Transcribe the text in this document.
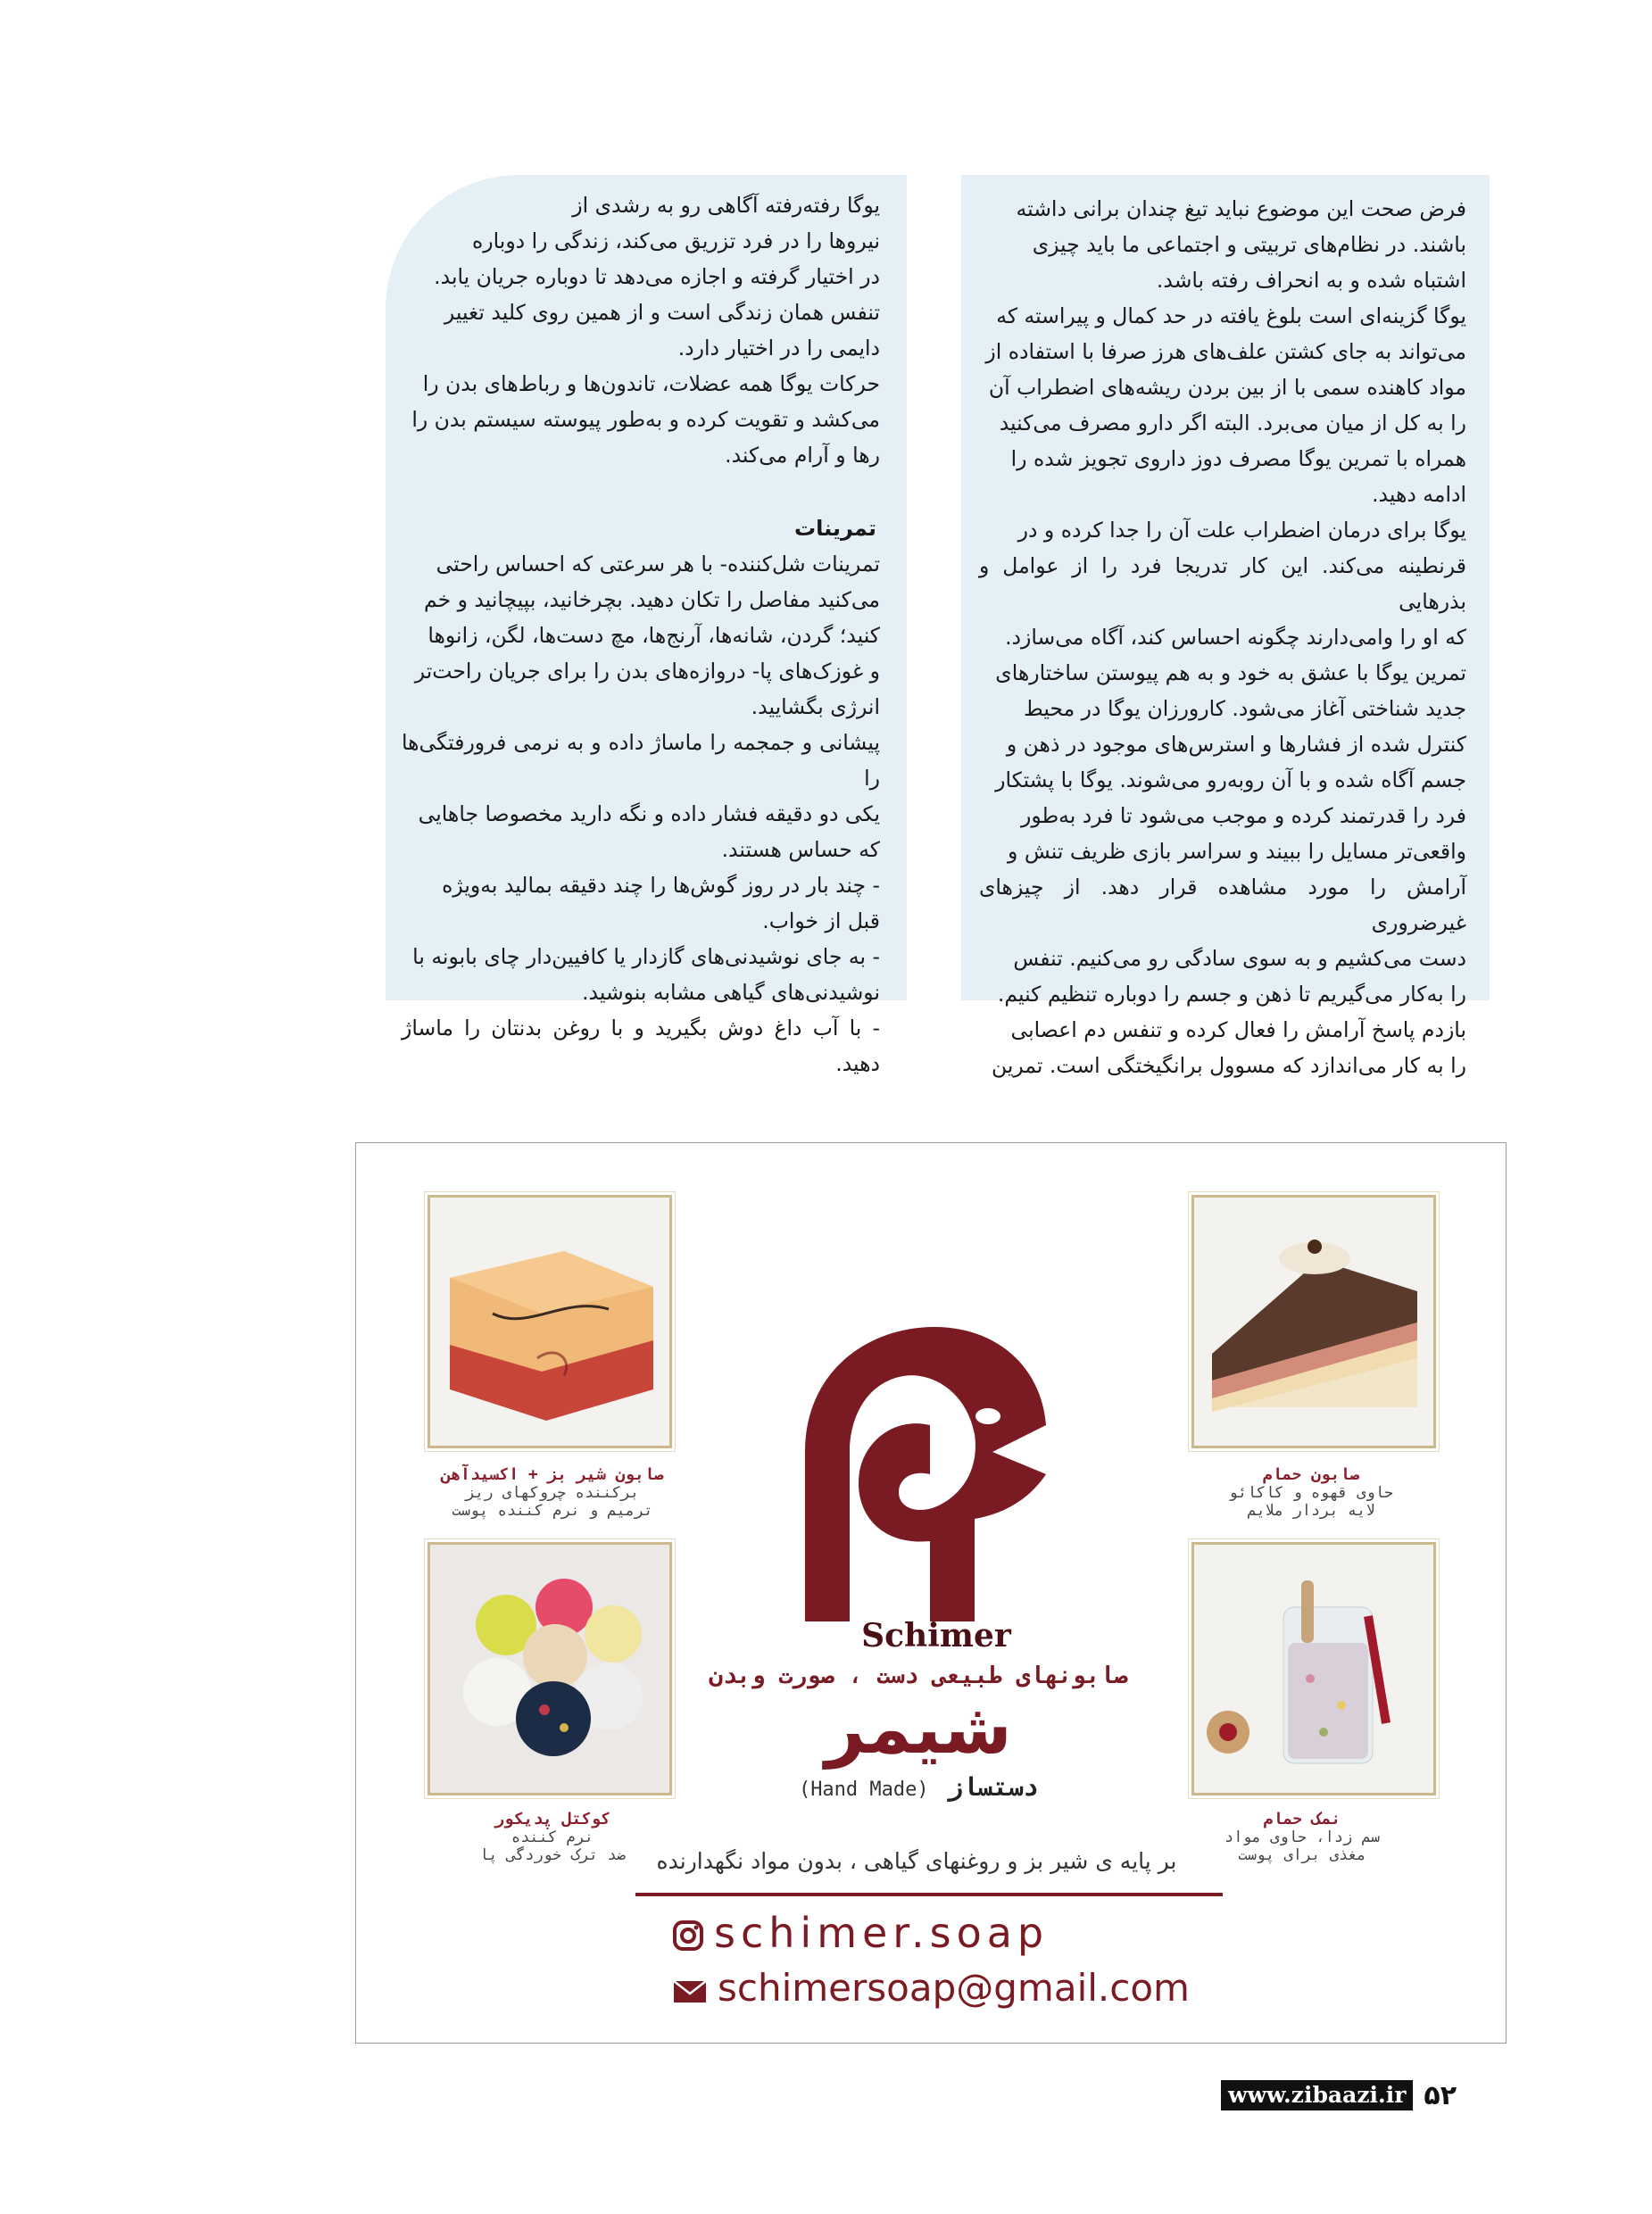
فرض صحت این موضوع نباید تیغ چندان برانی داشته
باشند. در نظام‌های تربیتی و اجتماعی ما باید چیزی
اشتباه شده و به انحراف رفته باشد.

یوگا گزینه‌ای است بلوغ یافته در حد کمال و پیراسته که
می‌تواند به جای کشتن علف‌های هرز صرفا با استفاده از
مواد کاهنده سمی با از بین بردن ریشه‌های اضطراب آن
را به کل از میان می‌برد. البته اگر دارو مصرف می‌کنید
همراه با تمرین یوگا مصرف دوز داروی تجویز شده را
ادامه دهید.

یوگا برای درمان اضطراب علت آن را جدا کرده و در
قرنطینه می‌کند. این کار تدریجا فرد را از عوامل و بذرهایی
که او را وامی‌دارند چگونه احساس کند، آگاه می‌سازد.
تمرین یوگا با عشق به خود و به هم پیوستن ساختارهای
جدید شناختی آغاز می‌شود. کارورزان یوگا در محیط
کنترل شده از فشارها و استرس‌های موجود در ذهن و
جسم آگاه شده و با آن روبه‌رو می‌شوند. یوگا با پشتکار
فرد را قدرتمند کرده و موجب می‌شود تا فرد به‌طور
واقعی‌تر مسایل را ببیند و سراسر بازی ظریف تنش و
آرامش را مورد مشاهده قرار دهد. از چیزهای غیرضروری
دست می‌کشیم و به سوی سادگی رو می‌کنیم. تنفس
را به‌کار می‌گیریم تا ذهن و جسم را دوباره تنظیم کنیم.
بازدم پاسخ آرامش را فعال کرده و تنفس دم اعصابی
را به کار می‌اندازد که مسوول برانگیختگی است. تمرین

یوگا رفته‌رفته آگاهی رو به رشدی از
نیروها را در فرد تزریق می‌کند، زندگی را دوباره
در اختیار گرفته و اجازه می‌دهد تا دوباره جریان یابد.
تنفس همان زندگی است و از همین روی کلید تغییر
دایمی را در اختیار دارد.

حرکات یوگا همه عضلات، تاندون‌ها و رباط‌های بدن را
می‌کشد و تقویت کرده و به‌طور پیوسته سیستم بدن را
رها و آرام می‌کند.

تمرینات

تمرینات شل‌کننده- با هر سرعتی که احساس راحتی
می‌کنید مفاصل را تکان دهید. بچرخانید، بپیچانید و خم
کنید؛ گردن، شانه‌ها، آرنج‌ها، مچ دست‌ها، لگن، زانوها
و غوزک‌های پا- دروازه‌های بدن را برای جریان راحت‌تر
انرژی بگشایید.

پیشانی و جمجمه را ماساژ داده و به نرمی فرورفتگی‌ها را
یکی دو دقیقه فشار داده و نگه دارید مخصوصا جاهایی
که حساس هستند.

- چند بار در روز گوش‌ها را چند دقیقه بمالید به‌ویژه
قبل از خواب.

- به جای نوشیدنی‌های گازدار یا کافیین‌دار چای بابونه با
نوشیدنی‌های گیاهی مشابه بنوشید.

- با آب داغ دوش بگیرید و با روغن بدنتان را ماساژ دهید.

صابون شیر بز + اکسیدآهن
برکننده چروکهای ریز
ترمیم و نرم کننده پوست
صابون حمام
حاوی قهوه و کاکائو
لایه بردار ملایم
کوکتل پدیکور
نرم کننده
ضد ترک خوردگی پا
نمک حمام
سم زدا، حاوی مواد
مغذی برای پوست
Schimer
صابونهای طبیعی دست ، صورت وبدن
شیمر
دستساز (Hand Made)
بر پایه ی شیر بز و روغنهای گیاهی ، بدون مواد نگهدارنده
schimer.soap
schimersoap@gmail.com
www.zibaazi.ir ۵۲
